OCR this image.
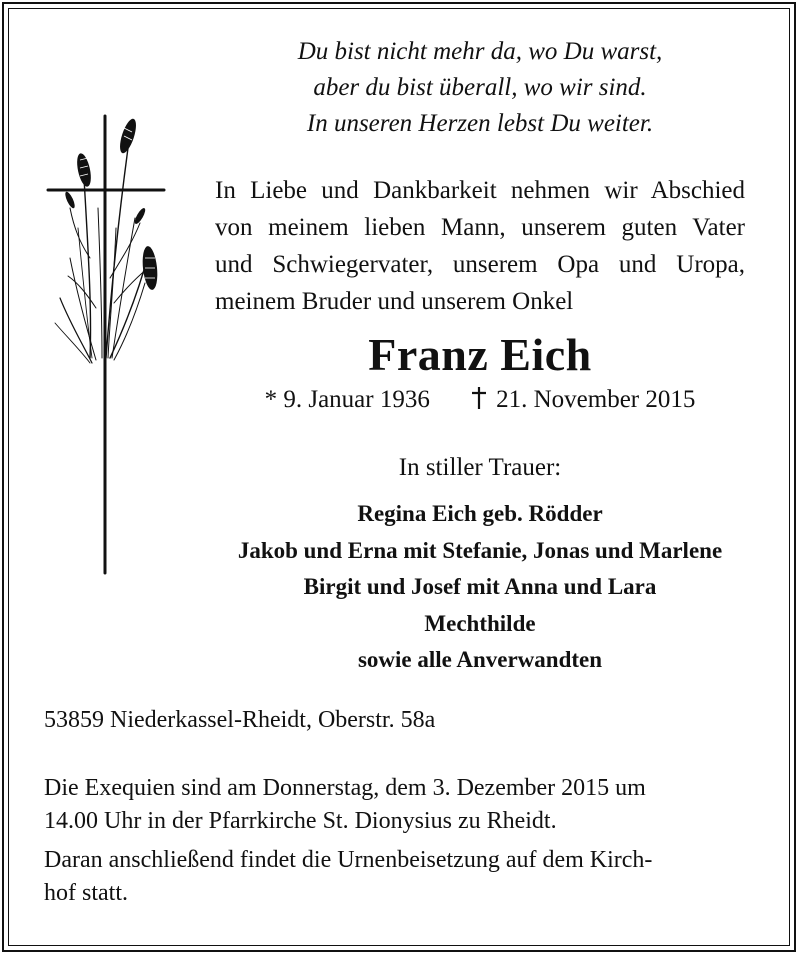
Du bist nicht mehr da, wo Du warst,
aber du bist überall, wo wir sind.
In unseren Herzen lebst Du weiter.
In Liebe und Dankbarkeit nehmen wir Abschied
von meinem lieben Mann, unserem guten Vater
und Schwiegervater, unserem Opa und Uropa,
meinem Bruder und unserem Onkel
Franz Eich
* 9. Januar 1936	21. November 2015
In stiller Trauer:
Regina Eich geb. Rödder
Jakob und Erna mit Stefanie, Jonas und Marlene
Birgit und Josef mit Anna und Lara
Mechthilde
sowie alle Anverwandten
53859 Niederkassel-Rheidt, Oberstr. 58a
Die Exequien sind am Donnerstag, dem 3. Dezember 2015 um
14.00 Uhr in der Pfarrkirche St. Dionysius zu Rheidt.
Daran anschließend findet die Urnenbeisetzung auf dem Kirch-
hof statt.
